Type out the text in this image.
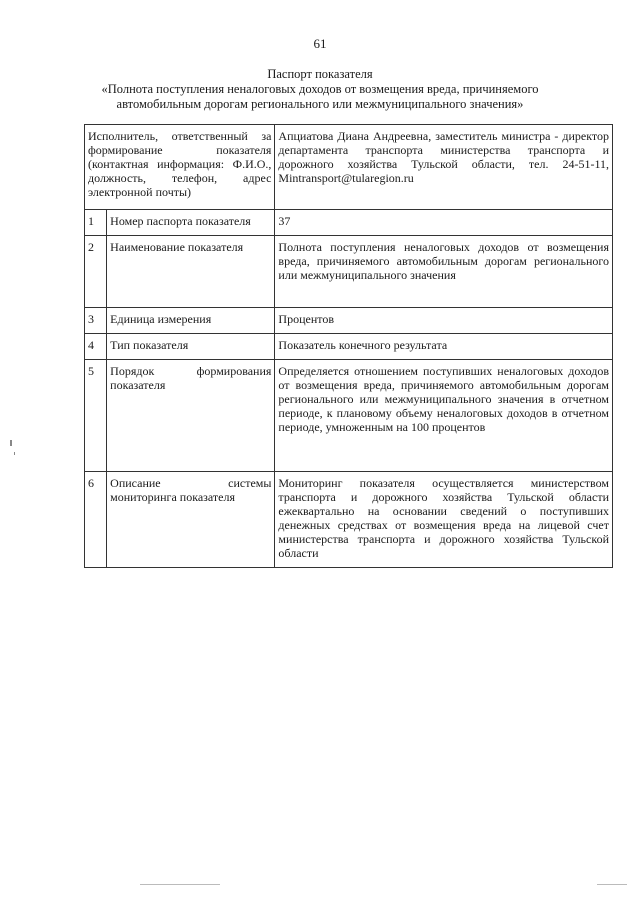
61
Паспорт показателя
«Полнота поступления неналоговых доходов от возмещения вреда, причиняемого
автомобильным дорогам регионального или межмуниципального значения»
Исполнитель, ответственный за формирование показателя (контактная информация: Ф.И.О., должность, телефон, адрес электронной почты)		Апциатова Диана Андреевна, заместитель министра - директор департамента транспорта министерства транспорта и дорожного хозяйства Тульской области, тел. 24-51-11, Mintransport@tularegion.ru
1	Номер паспорта показателя	37
2	Наименование показателя	Полнота поступления неналоговых доходов от возмещения вреда, причиняемого автомобильным дорогам регионального или межмуниципального значения
3	Единица измерения	Процентов
4	Тип показателя	Показатель конечного результата
5	Порядок формирования показателя	Определяется отношением поступивших неналоговых доходов от возмещения вреда, причиняемого автомобильным дорогам регионального или межмуниципального значения в отчетном периоде, к плановому объему неналоговых доходов в отчетном периоде, умноженным на 100 процентов
6	Описание системы мониторинга показателя	Мониторинг показателя осуществляется министерством транспорта и дорожного хозяйства Тульской области ежеквартально на основании сведений о поступивших денежных средствах от возмещения вреда на лицевой счет министерства транспорта и дорожного хозяйства Тульской области
